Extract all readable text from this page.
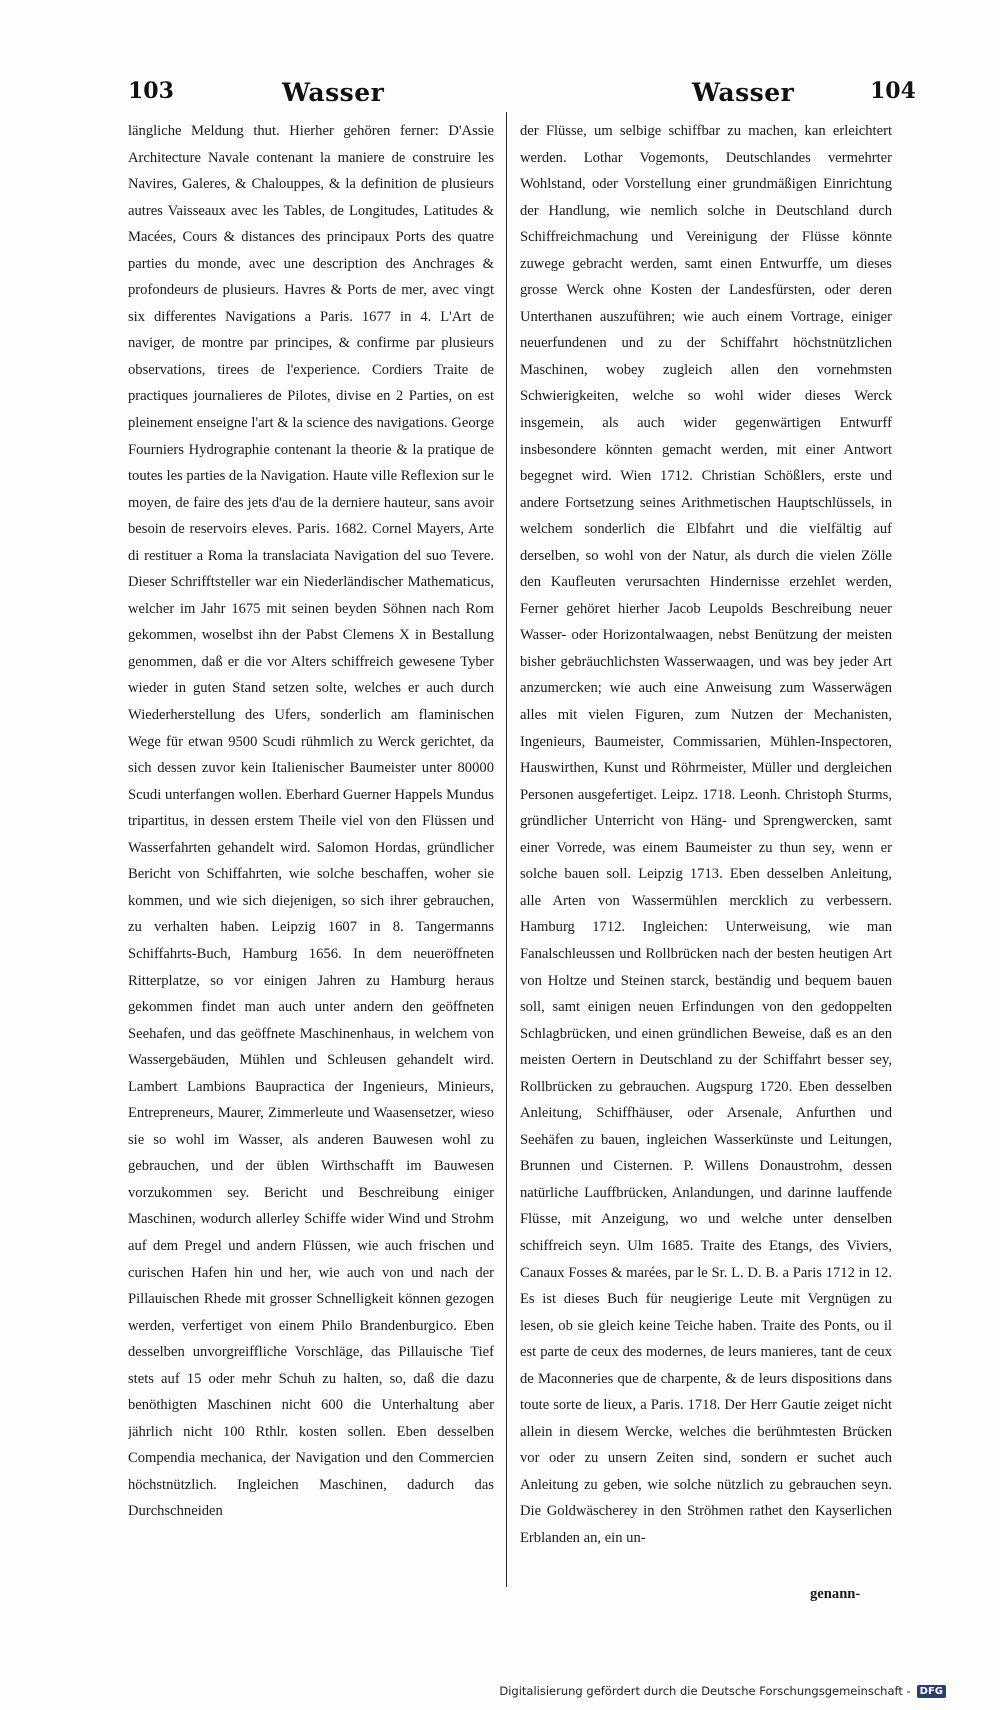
103	Wasser	Wasser	104

längliche Meldung thut. Hierher gehören ferner: D'Assie Architecture Navale contenant la maniere de construire les Navires, Galeres, & Chalouppes, & la definition de plusieurs autres Vaisseaux avec les Tables, de Longitudes, Latitudes & Macées, Cours & distances des principaux Ports des quatre parties du monde, avec une description des Anchrages & profondeurs de plusieurs. Havres & Ports de mer, avec vingt six differentes Navigations a Paris. 1677 in 4. L'Art de naviger, de montre par principes, & confirme par plusieurs observations, tirees de l'experience. Cordiers Traite de practiques journalieres de Pilotes, divise en 2 Parties, on est pleinement enseigne l'art & la science des navigations. George Fourniers Hydrographie contenant la theorie & la pratique de toutes les parties de la Navigation. Haute ville Reflexion sur le moyen, de faire des jets d'au de la derniere hauteur, sans avoir besoin de reservoirs eleves. Paris. 1682. Cornel Mayers, Arte di restituer a Roma la translaciata Navigation del suo Tevere. Dieser Schrifftsteller war ein Niederländischer Mathematicus, welcher im Jahr 1675 mit seinen beyden Söhnen nach Rom gekommen, woselbst ihn der Pabst Clemens X in Bestallung genommen, daß er die vor Alters schiffreich gewesene Tyber wieder in guten Stand setzen solte, welches er auch durch Wiederherstellung des Ufers, sonderlich am flaminischen Wege für etwan 9500 Scudi rühmlich zu Werck gerichtet, da sich dessen zuvor kein Italienischer Baumeister unter 80000 Scudi unterfangen wollen. Eberhard Guerner Happels Mundus tripartitus, in dessen erstem Theile viel von den Flüssen und Wasserfahrten gehandelt wird. Salomon Hordas, gründlicher Bericht von Schiffahrten, wie solche beschaffen, woher sie kommen, und wie sich diejenigen, so sich ihrer gebrauchen, zu verhalten haben. Leipzig 1607 in 8. Tangermanns Schiffahrts-Buch, Hamburg 1656. In dem neueröffneten Ritterplatze, so vor einigen Jahren zu Hamburg heraus gekommen findet man auch unter andern den geöffneten Seehafen, und das geöffnete Maschinenhaus, in welchem von Wassergebäuden, Mühlen und Schleusen gehandelt wird. Lambert Lambions Baupractica der Ingenieurs, Minieurs, Entrepreneurs, Maurer, Zimmerleute und Waasensetzer, wieso sie so wohl im Wasser, als anderen Bauwesen wohl zu gebrauchen, und der üblen Wirthschafft im Bauwesen vorzukommen sey. Bericht und Beschreibung einiger Maschinen, wodurch allerley Schiffe wider Wind und Strohm auf dem Pregel und andern Flüssen, wie auch frischen und curischen Hafen hin und her, wie auch von und nach der Pillauischen Rhede mit grosser Schnelligkeit können gezogen werden, verfertiget von einem Philo Brandenburgico. Eben desselben unvorgreiffliche Vorschläge, das Pillauische Tief stets auf 15 oder mehr Schuh zu halten, so, daß die dazu benöthigten Maschinen nicht 600 die Unterhaltung aber jährlich nicht 100 Rthlr. kosten sollen. Eben desselben Compendia mechanica, der Navigation und den Commercien höchstnützlich. Ingleichen Maschinen, dadurch das Durchschneiden

der Flüsse, um selbige schiffbar zu machen, kan erleichtert werden. Lothar Vogemonts, Deutschlandes vermehrter Wohlstand, oder Vorstellung einer grundmäßigen Einrichtung der Handlung, wie nemlich solche in Deutschland durch Schiffreichmachung und Vereinigung der Flüsse könnte zuwege gebracht werden, samt einen Entwurffe, um dieses grosse Werck ohne Kosten der Landesfürsten, oder deren Unterthanen auszuführen; wie auch einem Vortrage, einiger neuerfundenen und zu der Schiffahrt höchstnützlichen Maschinen, wobey zugleich allen den vornehmsten Schwierigkeiten, welche so wohl wider dieses Werck insgemein, als auch wider gegenwärtigen Entwurff insbesondere könnten gemacht werden, mit einer Antwort begegnet wird. Wien 1712. Christian Schößlers, erste und andere Fortsetzung seines Arithmetischen Hauptschlüssels, in welchem sonderlich die Elbfahrt und die vielfältig auf derselben, so wohl von der Natur, als durch die vielen Zölle den Kaufleuten verursachten Hindernisse erzehlet werden, Ferner gehöret hierher Jacob Leupolds Beschreibung neuer Wasser- oder Horizontalwaagen, nebst Benützung der meisten bisher gebräuchlichsten Wasserwaagen, und was bey jeder Art anzumercken; wie auch eine Anweisung zum Wasserwägen alles mit vielen Figuren, zum Nutzen der Mechanisten, Ingenieurs, Baumeister, Commissarien, Mühlen-Inspectoren, Hauswirthen, Kunst und Röhrmeister, Müller und dergleichen Personen ausgefertiget. Leipz. 1718. Leonh. Christoph Sturms, gründlicher Unterricht von Häng- und Sprengwercken, samt einer Vorrede, was einem Baumeister zu thun sey, wenn er solche bauen soll. Leipzig 1713. Eben desselben Anleitung, alle Arten von Wassermühlen mercklich zu verbessern. Hamburg 1712. Ingleichen: Unterweisung, wie man Fanalschleussen und Rollbrücken nach der besten heutigen Art von Holtze und Steinen starck, beständig und bequem bauen soll, samt einigen neuen Erfindungen von den gedoppelten Schlagbrücken, und einen gründlichen Beweise, daß es an den meisten Oertern in Deutschland zu der Schiffahrt besser sey, Rollbrücken zu gebrauchen. Augspurg 1720. Eben desselben Anleitung, Schiffhäuser, oder Arsenale, Anfurthen und Seehäfen zu bauen, ingleichen Wasserkünste und Leitungen, Brunnen und Cisternen. P. Willens Donaustrohm, dessen natürliche Lauffbrücken, Anlandungen, und darinne lauffende Flüsse, mit Anzeigung, wo und welche unter denselben schiffreich seyn. Ulm 1685. Traite des Etangs, des Viviers, Canaux Fosses & marées, par le Sr. L. D. B. a Paris 1712 in 12. Es ist dieses Buch für neugierige Leute mit Vergnügen zu lesen, ob sie gleich keine Teiche haben. Traite des Ponts, ou il est parte de ceux des modernes, de leurs manieres, tant de ceux de Maconneries que de charpente, & de leurs dispositions dans toute sorte de lieux, a Paris. 1718. Der Herr Gautie zeiget nicht allein in diesem Wercke, welches die berühmtesten Brücken vor oder zu unsern Zeiten sind, sondern er suchet auch Anleitung zu geben, wie solche nützlich zu gebrauchen seyn. Die Goldwäscherey in den Ströhmen rathet den Kayserlichen Erblanden an, ein un-

genann-
Digitalisierung gefördert durch die Deutsche Forschungsgemeinschaft - DFG
